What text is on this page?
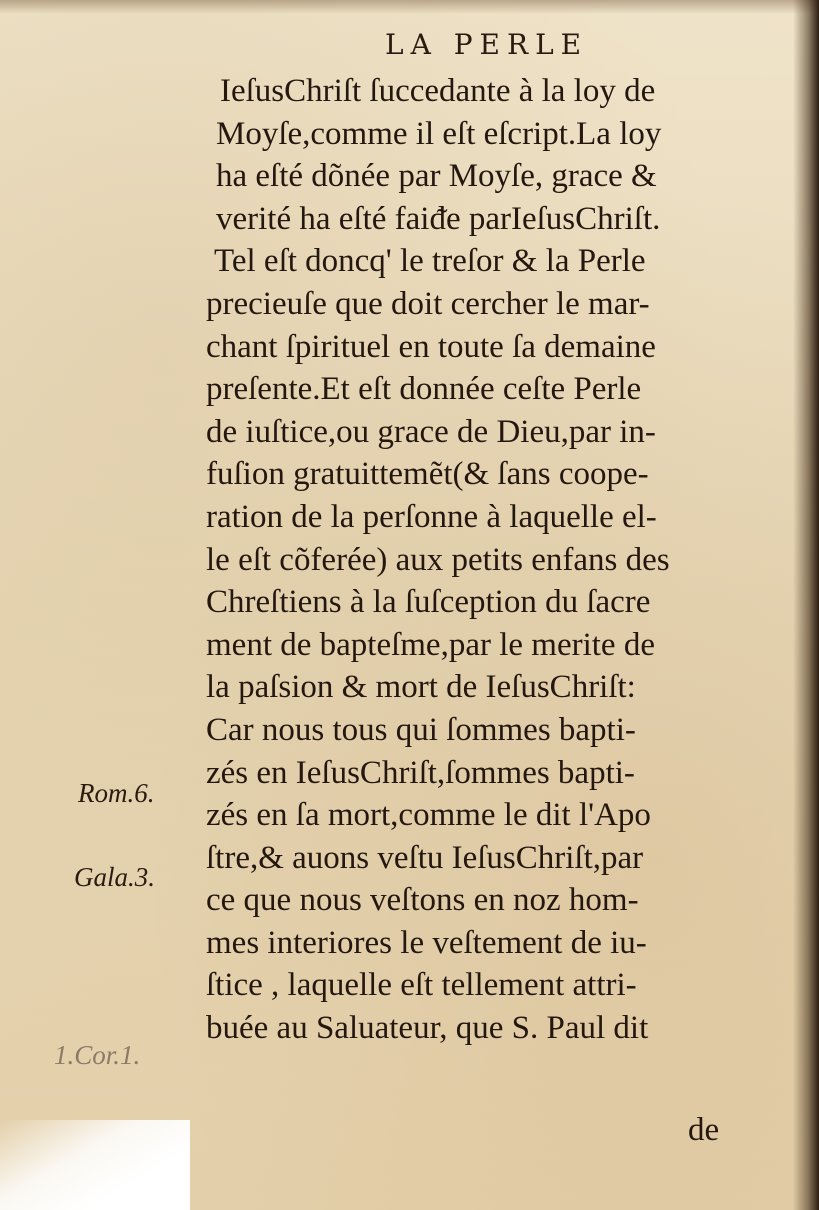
LA PERLE
IeſusChriſt ſuccedante à la loy de
Moyſe,comme il eſt eſcript.La loy
ha eſté dõnée par Moyſe, grace &
verité ha eſté faiᵭe parIeſusChriſt.
Tel eſt doncq' le treſor & la Perle
precieuſe que doit cercher le mar-
chant ſpirituel en toute ſa demaine
preſente.Et eſt donnée ceſte Perle
de iuſtice,ou grace de Dieu,par in-
fuſion gratuittemẽt(& ſans coope-
ration de la perſonne à laquelle el-
le eſt cõferée) aux petits enfans des
Chreſtiens à la ſuſception du ſacre
ment de bapteſme,par le merite de
la paſsion & mort de IeſusChriſt:
Car nous tous qui ſommes bapti-
zés en IeſusChriſt,ſommes bapti-
zés en ſa mort,comme le dit l'Apo
ſtre,& auons veſtu IeſusChriſt,par
ce que nous veſtons en noz hom-
mes interiores le veſtement de iu-
ſtice , laquelle eſt tellement attri-
buée au Saluateur, que S. Paul dit
de
Rom.6.
Gala.3.
1.Cor.1.
